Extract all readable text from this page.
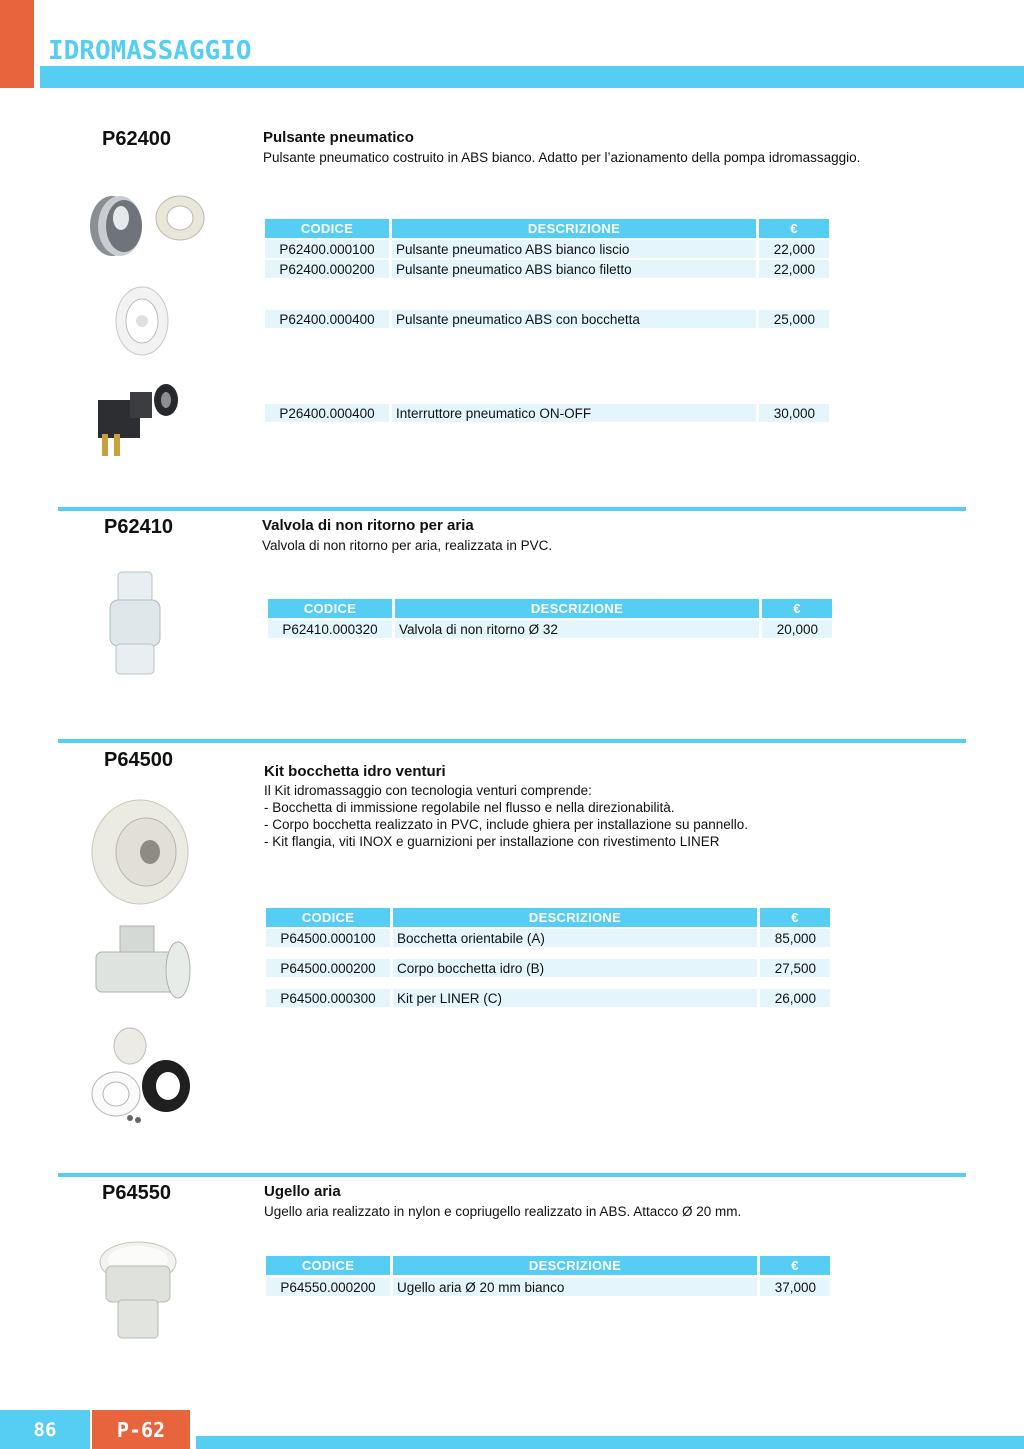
IDROMASSAGGIO
P62400	Pulsante pneumatico
Pulsante pneumatico costruito in ABS bianco. Adatto per l’azionamento della pompa idromassaggio.
CODICE	DESCRIZIONE	€
P62400.000100	Pulsante pneumatico ABS bianco liscio	22,000
P62400.000200	Pulsante pneumatico ABS bianco filetto	22,000
P62400.000400	Pulsante pneumatico ABS con bocchetta	25,000
P26400.000400	Interruttore pneumatico ON-OFF	30,000
P62410	Valvola di non ritorno per aria
Valvola di non ritorno per aria, realizzata in PVC.
CODICE	DESCRIZIONE	€
P62410.000320	Valvola di non ritorno Ø 32	20,000
P64500
Kit bocchetta idro venturi
Il Kit idromassaggio con tecnologia venturi comprende:
- Bocchetta di immissione regolabile nel flusso e nella direzionabilità.
- Corpo bocchetta realizzato in PVC, include ghiera per installazione su pannello.
- Kit flangia, viti INOX e guarnizioni per installazione con rivestimento LINER
CODICE	DESCRIZIONE	€
P64500.000100	Bocchetta orientabile (A)	85,000
P64500.000200	Corpo bocchetta idro (B)	27,500
P64500.000300	Kit per LINER (C)	26,000
P64550	Ugello aria
Ugello aria realizzato in nylon e copriugello realizzato in ABS. Attacco Ø 20 mm.
CODICE	DESCRIZIONE	€
P64550.000200	Ugello aria Ø 20 mm bianco	37,000
86	P-62
